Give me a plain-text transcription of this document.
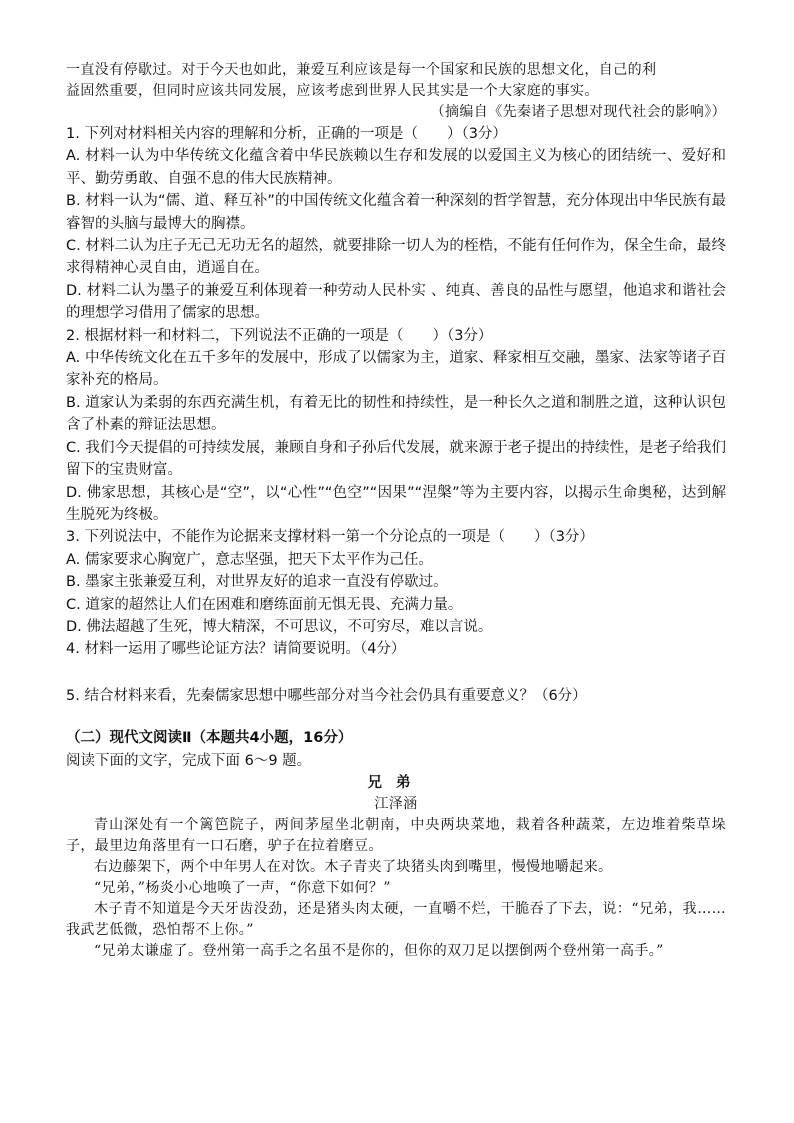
一直没有停歇过。对于今天也如此，兼爱互利应该是每一个国家和民族的思想文化，自己的利

益固然重要，但同时应该共同发展，应该考虑到世界人民其实是一个大家庭的事实。

（摘编自《先秦诸子思想对现代社会的影响》）

1. 下列对材料相关内容的理解和分析，正确的一项是（　　）（3分）

A. 材料一认为中华传统文化蕴含着中华民族赖以生存和发展的以爱国主义为核心的团结统一、爱好和平、勤劳勇敢、自强不息的伟大民族精神。

B. 材料一认为“儒、道、释互补”的中国传统文化蕴含着一种深刻的哲学智慧，充分体现出中华民族有最睿智的头脑与最博大的胸襟。

C. 材料二认为庄子无己无功无名的超然，就要排除一切人为的桎梏，不能有任何作为，保全生命，最终求得精神心灵自由，逍遥自在。

D. 材料二认为墨子的兼爱互利体现着一种劳动人民朴实 、纯真、善良的品性与愿望，他追求和谐社会的理想学习借用了儒家的思想。

2. 根据材料一和材料二，下列说法不正确的一项是（　　）（3分）

A. 中华传统文化在五千多年的发展中，形成了以儒家为主，道家、释家相互交融，墨家、法家等诸子百家补充的格局。

B. 道家认为柔弱的东西充满生机，有着无比的韧性和持续性，是一种长久之道和制胜之道，这种认识包含了朴素的辩证法思想。

C. 我们今天提倡的可持续发展，兼顾自身和子孙后代发展，就来源于老子提出的持续性，是老子给我们留下的宝贵财富。

D. 佛家思想，其核心是“空”，以“心性”“色空”“因果”“涅槃”等为主要内容，以揭示生命奥秘，达到解生脱死为终极。

3. 下列说法中，不能作为论据来支撑材料一第一个分论点的一项是（　　）（3分）

A. 儒家要求心胸宽广，意志坚强，把天下太平作为己任。

B. 墨家主张兼爱互利，对世界友好的追求一直没有停歇过。

C. 道家的超然让人们在困难和磨练面前无惧无畏、充满力量。

D. 佛法超越了生死，博大精深，不可思议，不可穷尽，难以言说。

4. 材料一运用了哪些论证方法？请简要说明。（4分）

5. 结合材料来看，先秦儒家思想中哪些部分对当今社会仍具有重要意义？（6分）

（二）现代文阅读Ⅱ（本题共4小题，16分）

阅读下面的文字，完成下面 6～9 题。

兄弟

江泽涵

青山深处有一个篱笆院子，两间茅屋坐北朝南，中央两块菜地，栽着各种蔬菜，左边堆着柴草垛子，最里边角落里有一口石磨，驴子在拉着磨豆。

右边藤架下，两个中年男人在对饮。木子青夹了块猪头肉到嘴里，慢慢地嚼起来。

“兄弟，”杨炎小心地唤了一声，“你意下如何？”

木子青不知道是今天牙齿没劲，还是猪头肉太硬，一直嚼不烂，干脆吞了下去，说：“兄弟，我……我武艺低微，恐怕帮不上你。”

“兄弟太谦虚了。登州第一高手之名虽不是你的，但你的双刀足以摆倒两个登州第一高手。”
